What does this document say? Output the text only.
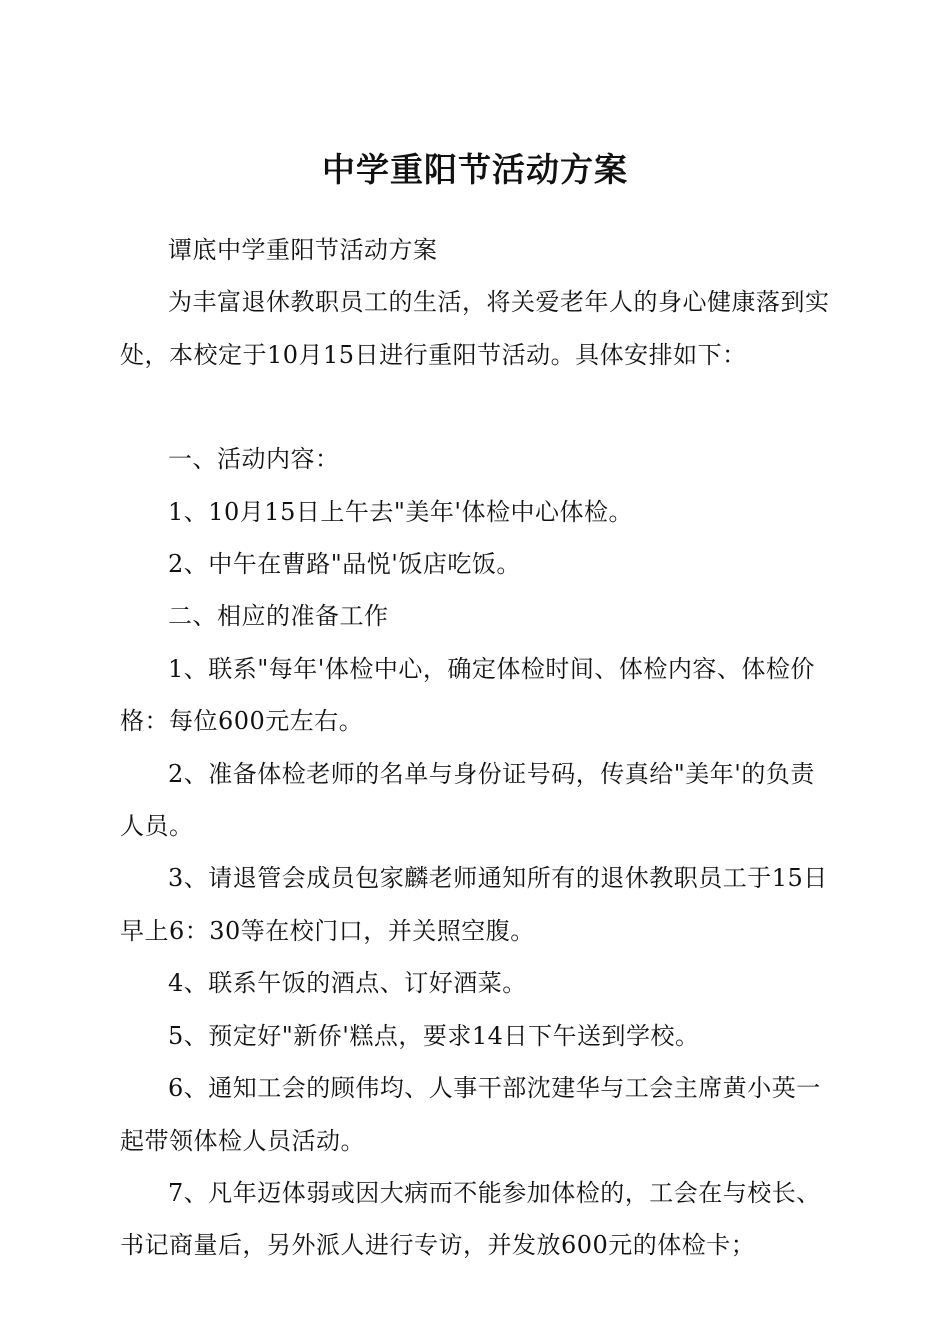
中学重阳节活动方案

谭底中学重阳节活动方案

为丰富退休教职员工的生活，将关爱老年人的身心健康落到实处，本校定于10月15日进行重阳节活动。具体安排如下：

一、活动内容：

1、10月15日上午去"美年'体检中心体检。

2、中午在曹路"品悦'饭店吃饭。

二、相应的准备工作

1、联系"每年'体检中心，确定体检时间、体检内容、体检价格：每位600元左右。

2、准备体检老师的名单与身份证号码，传真给"美年'的负责人员。

3、请退管会成员包家麟老师通知所有的退休教职员工于15日早上6：30等在校门口，并关照空腹。

4、联系午饭的酒点、订好酒菜。

5、预定好"新侨'糕点，要求14日下午送到学校。

6、通知工会的顾伟均、人事干部沈建华与工会主席黄小英一起带领体检人员活动。

7、凡年迈体弱或因大病而不能参加体检的，工会在与校长、书记商量后，另外派人进行专访，并发放600元的体检卡；
